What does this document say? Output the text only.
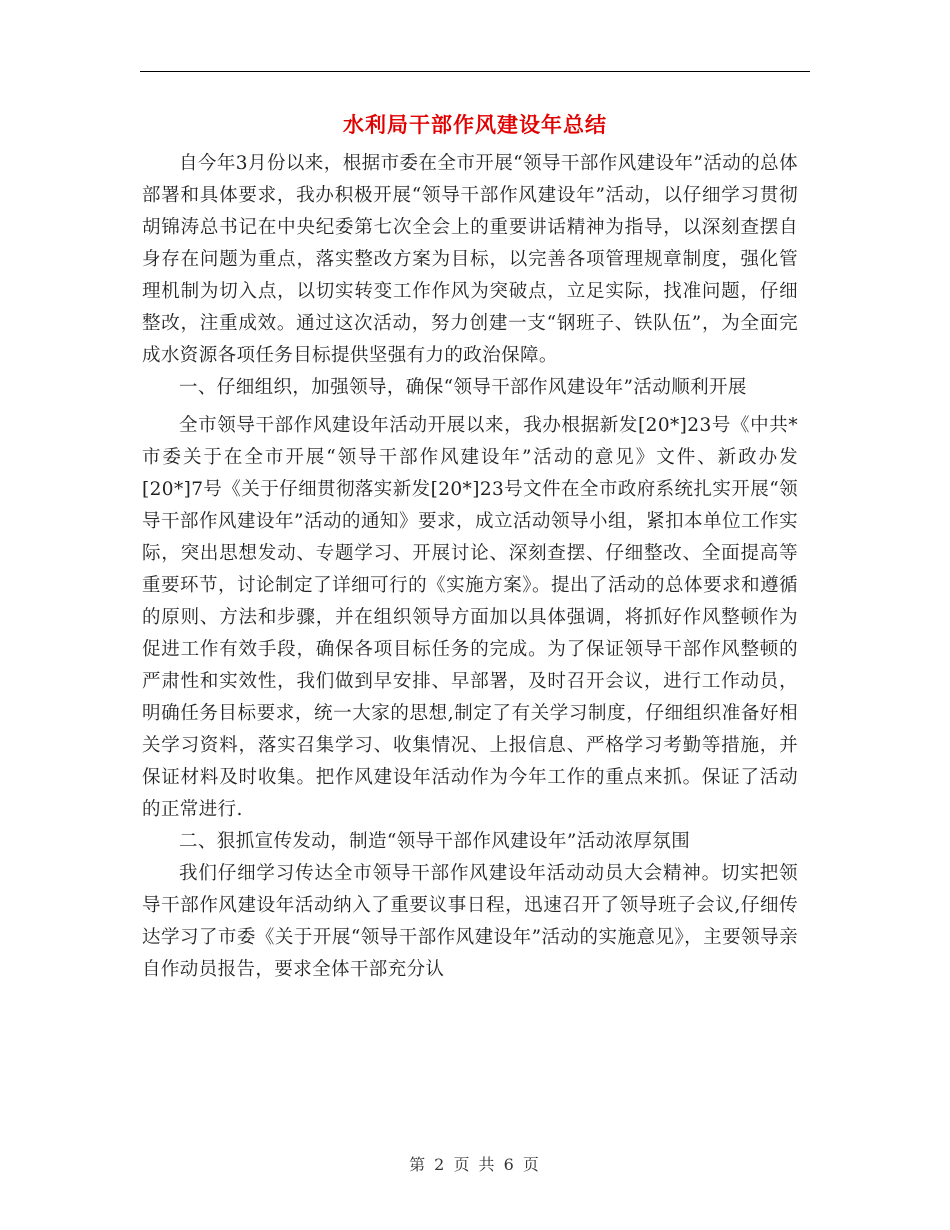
水利局干部作风建设年总结

自今年3月份以来，根据市委在全市开展“领导干部作风建设年”活动的总体部署和具体要求，我办积极开展“领导干部作风建设年”活动，以仔细学习贯彻胡锦涛总书记在中央纪委第七次全会上的重要讲话精神为指导，以深刻查摆自身存在问题为重点，落实整改方案为目标，以完善各项管理规章制度，强化管理机制为切入点，以切实转变工作作风为突破点，立足实际，找准问题，仔细整改，注重成效。通过这次活动，努力创建一支“钢班子、铁队伍”，为全面完成水资源各项任务目标提供坚强有力的政治保障。

一、仔细组织，加强领导，确保“领导干部作风建设年”活动顺利开展

全市领导干部作风建设年活动开展以来，我办根据新发[20*]23号《中共*市委关于在全市开展“领导干部作风建设年”活动的意见》文件、新政办发[20*]7号《关于仔细贯彻落实新发[20*]23号文件在全市政府系统扎实开展“领导干部作风建设年”活动的通知》要求，成立活动领导小组，紧扣本单位工作实际，突出思想发动、专题学习、开展讨论、深刻查摆、仔细整改、全面提高等重要环节，讨论制定了详细可行的《实施方案》。提出了活动的总体要求和遵循的原则、方法和步骤，并在组织领导方面加以具体强调，将抓好作风整顿作为促进工作有效手段，确保各项目标任务的完成。为了保证领导干部作风整顿的严肃性和实效性，我们做到早安排、早部署，及时召开会议，进行工作动员，明确任务目标要求，统一大家的思想,制定了有关学习制度，仔细组织准备好相关学习资料，落实召集学习、收集情况、上报信息、严格学习考勤等措施，并保证材料及时收集。把作风建设年活动作为今年工作的重点来抓。保证了活动的正常进行.

二、狠抓宣传发动，制造“领导干部作风建设年”活动浓厚氛围

我们仔细学习传达全市领导干部作风建设年活动动员大会精神。切实把领导干部作风建设年活动纳入了重要议事日程，迅速召开了领导班子会议,仔细传达学习了市委《关于开展“领导干部作风建设年”活动的实施意见》，主要领导亲自作动员报告，要求全体干部充分认

第 2 页 共 6 页
